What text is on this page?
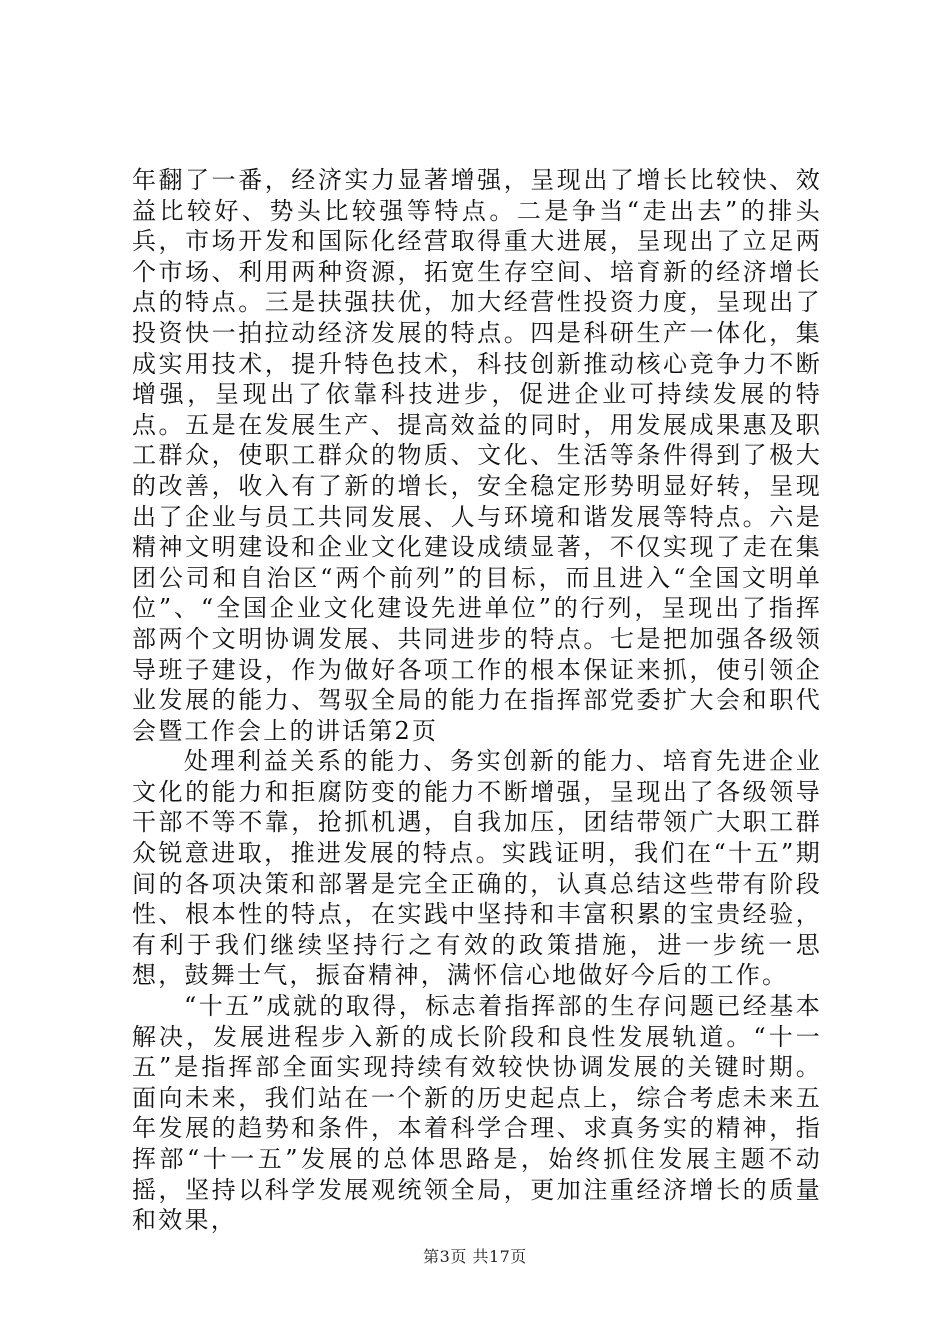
年翻了一番，经济实力显著增强，呈现出了增长比较快、效益比较好、势头比较强等特点。二是争当“走出去”的排头兵，市场开发和国际化经营取得重大进展，呈现出了立足两个市场、利用两种资源，拓宽生存空间、培育新的经济增长点的特点。三是扶强扶优，加大经营性投资力度，呈现出了投资快一拍拉动经济发展的特点。四是科研生产一体化，集成实用技术，提升特色技术，科技创新推动核心竞争力不断增强，呈现出了依靠科技进步，促进企业可持续发展的特点。五是在发展生产、提高效益的同时，用发展成果惠及职工群众，使职工群众的物质、文化、生活等条件得到了极大的改善，收入有了新的增长，安全稳定形势明显好转，呈现出了企业与员工共同发展、人与环境和谐发展等特点。六是精神文明建设和企业文化建设成绩显著，不仅实现了走在集团公司和自治区“两个前列”的目标，而且进入“全国文明单位”、“全国企业文化建设先进单位”的行列，呈现出了指挥部两个文明协调发展、共同进步的特点。七是把加强各级领导班子建设，作为做好各项工作的根本保证来抓，使引领企业发展的能力、驾驭全局的能力在指挥部党委扩大会和职代会暨工作会上的讲话第2页

处理利益关系的能力、务实创新的能力、培育先进企业文化的能力和拒腐防变的能力不断增强，呈现出了各级领导干部不等不靠，抢抓机遇，自我加压，团结带领广大职工群众锐意进取，推进发展的特点。实践证明，我们在“十五”期间的各项决策和部署是完全正确的，认真总结这些带有阶段性、根本性的特点，在实践中坚持和丰富积累的宝贵经验，有利于我们继续坚持行之有效的政策措施，进一步统一思想，鼓舞士气，振奋精神，满怀信心地做好今后的工作。

“十五”成就的取得，标志着指挥部的生存问题已经基本解决，发展进程步入新的成长阶段和良性发展轨道。“十一五”是指挥部全面实现持续有效较快协调发展的关键时期。面向未来，我们站在一个新的历史起点上，综合考虑未来五年发展的趋势和条件，本着科学合理、求真务实的精神，指挥部“十一五”发展的总体思路是，始终抓住发展主题不动摇，坚持以科学发展观统领全局，更加注重经济增长的质量和效果，

第3页 共17页
